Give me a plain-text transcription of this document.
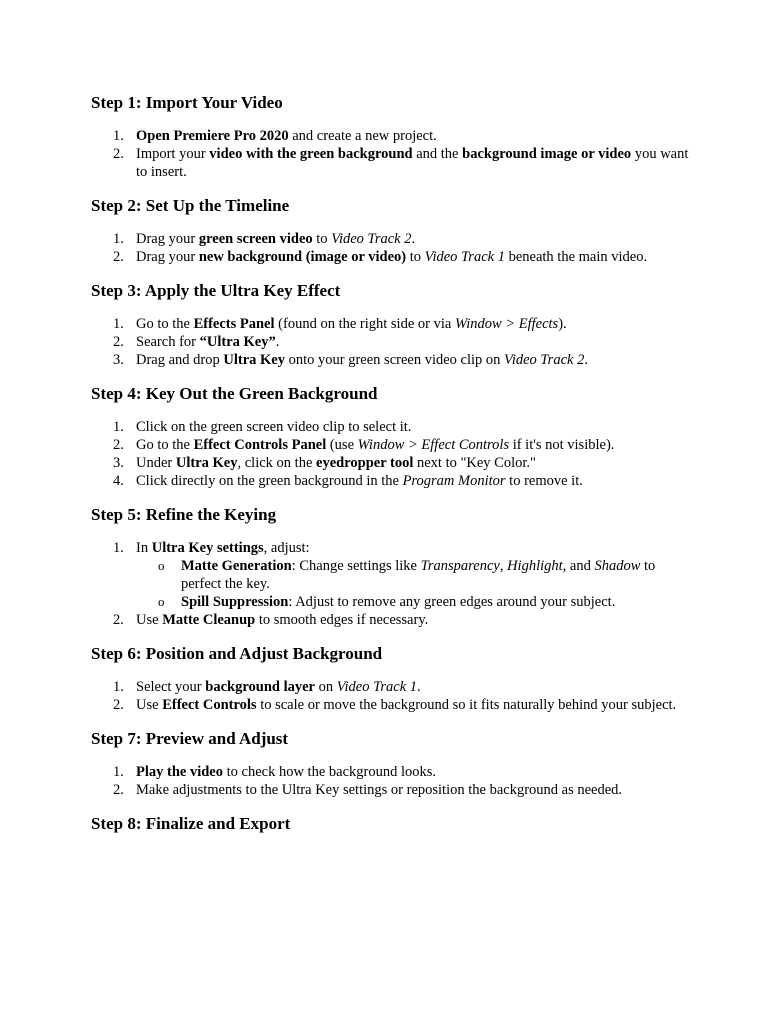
Step 1: Import Your Video
1. Open Premiere Pro 2020 and create a new project.
2. Import your video with the green background and the background image or video you want to insert.
Step 2: Set Up the Timeline
1. Drag your green screen video to Video Track 2.
2. Drag your new background (image or video) to Video Track 1 beneath the main video.
Step 3: Apply the Ultra Key Effect
1. Go to the Effects Panel (found on the right side or via Window > Effects).
2. Search for “Ultra Key”.
3. Drag and drop Ultra Key onto your green screen video clip on Video Track 2.
Step 4: Key Out the Green Background
1. Click on the green screen video clip to select it.
2. Go to the Effect Controls Panel (use Window > Effect Controls if it's not visible).
3. Under Ultra Key, click on the eyedropper tool next to "Key Color."
4. Click directly on the green background in the Program Monitor to remove it.
Step 5: Refine the Keying
1. In Ultra Key settings, adjust:
o Matte Generation: Change settings like Transparency, Highlight, and Shadow to perfect the key.
o Spill Suppression: Adjust to remove any green edges around your subject.
2. Use Matte Cleanup to smooth edges if necessary.
Step 6: Position and Adjust Background
1. Select your background layer on Video Track 1.
2. Use Effect Controls to scale or move the background so it fits naturally behind your subject.
Step 7: Preview and Adjust
1. Play the video to check how the background looks.
2. Make adjustments to the Ultra Key settings or reposition the background as needed.
Step 8: Finalize and Export
